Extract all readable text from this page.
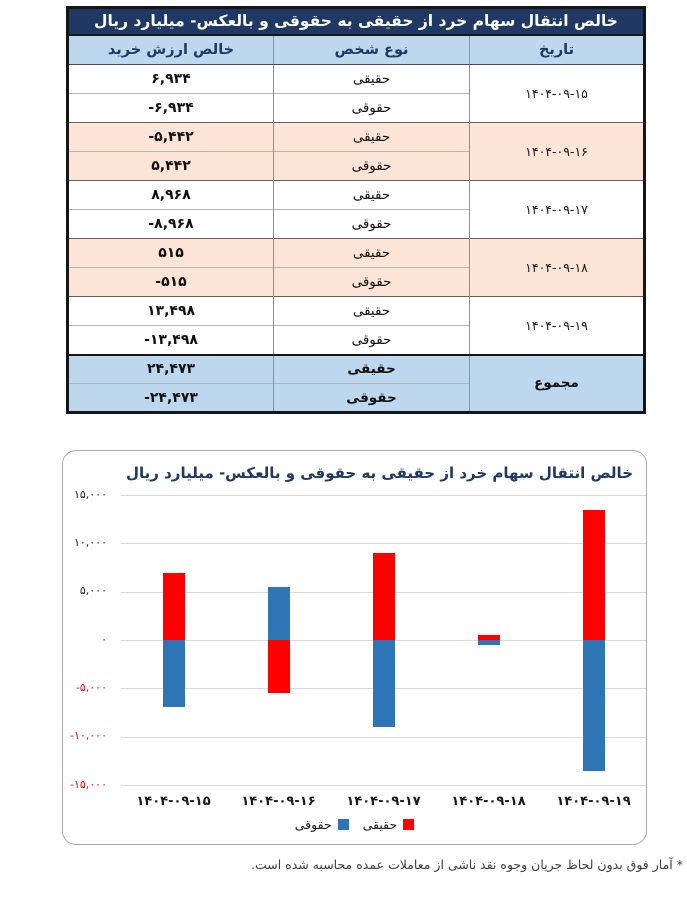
خالص انتقال سهام خرد از حقیقی به حقوقی و بالعکس- میلیارد ریال		
تاریخ	نوع شخص	خالص ارزش خرید
۱۴۰۴-۰۹-۱۵	حقیقی	۶,۹۳۴
	حقوقی	-۶,۹۳۴
۱۴۰۴-۰۹-۱۶	حقیقی	-۵,۴۴۲
	حقوقی	۵,۴۴۲
۱۴۰۴-۰۹-۱۷	حقیقی	۸,۹۶۸
	حقوقی	-۸,۹۶۸
۱۴۰۴-۰۹-۱۸	حقیقی	۵۱۵
	حقوقی	-۵۱۵
۱۴۰۴-۰۹-۱۹	حقیقی	۱۳,۴۹۸
	حقوقی	-۱۳,۴۹۸
مجموع	حقیقی	۲۴,۴۷۳
	حقوقی	-۲۴,۴۷۳
خالص انتقال سهام خرد از حقیقی به حقوقی و بالعکس- میلیارد ریال
۱۵,۰۰۰
۱۰,۰۰۰
۵,۰۰۰
۰
-۵,۰۰۰
-۱۰,۰۰۰
-۱۵,۰۰۰
۱۴۰۴-۰۹-۱۵	۱۴۰۴-۰۹-۱۶	۱۴۰۴-۰۹-۱۷	۱۴۰۴-۰۹-۱۸	۱۴۰۴-۰۹-۱۹
حقیقی
حقوقی
* آمار فوق بدون لحاظ جریان وجوه نقد ناشی از معاملات عمده محاسبه شده است.
